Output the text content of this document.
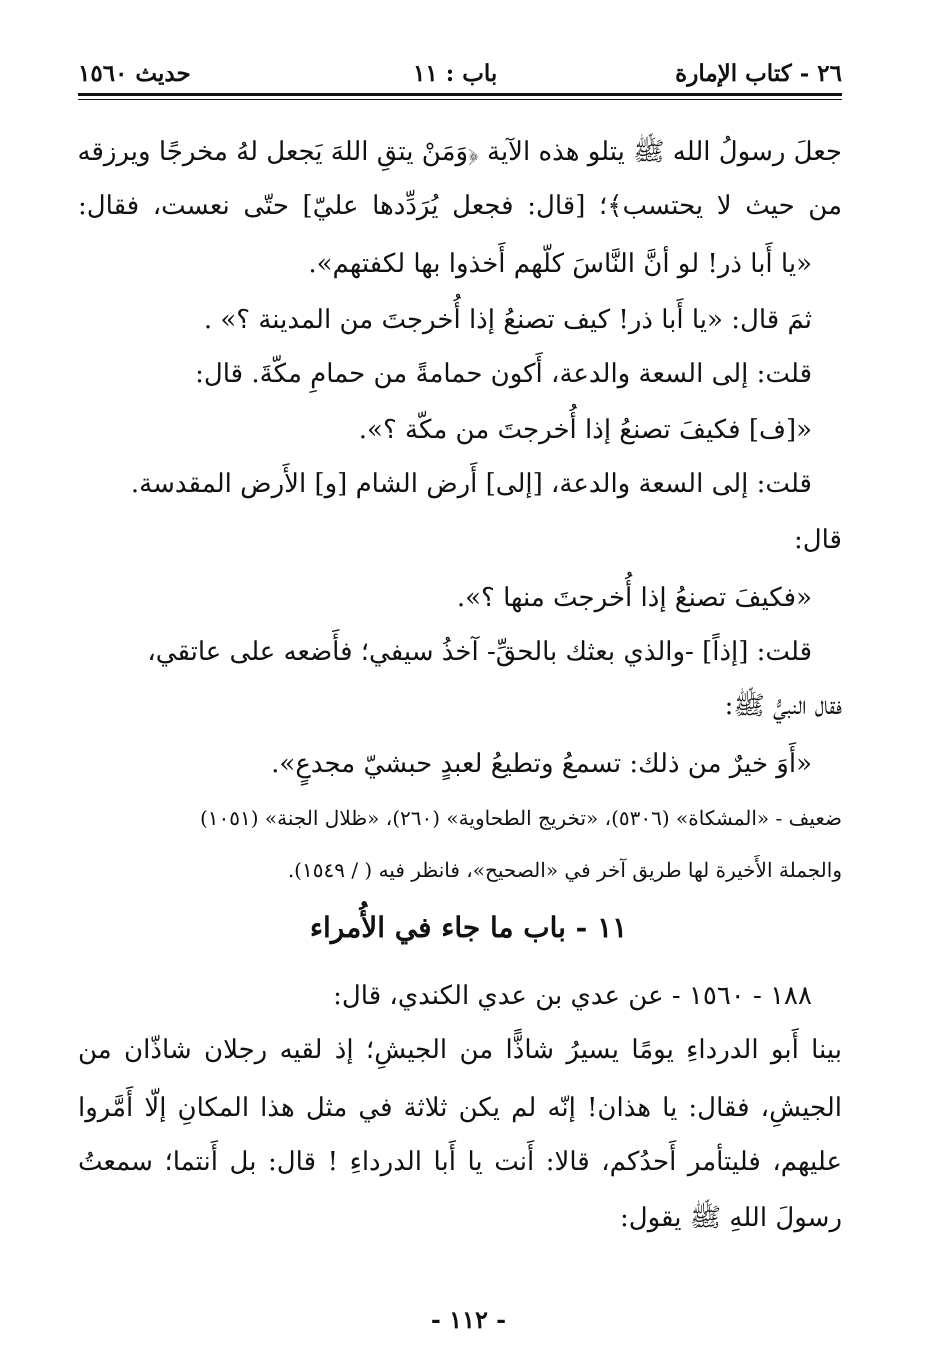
٢٦ - كتاب الإمارة
باب : ١١
حديث ١٥٦٠
جعلَ رسولُ الله ﷺ يتلو هذه الآية ﴿وَمَنْ يتقِ اللهَ يَجعل لهُ مخرجًا ويرزقه
من حيث لا يحتسب﴾؛ [قال: فجعل يُرَدِّدها عليّ] حتّى نعست، فقال:
«يا أَبا ذر! لو أنَّ النَّاسَ كلّهم أَخذوا بها لكفتهم».
ثمَ قال: «يا أَبا ذر! كيف تصنعُ إذا أُخرجتَ من المدينة ؟» .
قلت: إلى السعة والدعة، أَكون حمامةً من حمامِ مكّةَ. قال:
«[ف] فكيفَ تصنعُ إذا أُخرجتَ من مكّة ؟».
قلت: إلى السعة والدعة، [إلى] أَرض الشام [و] الأَرض المقدسة.
قال:
«فكيفَ تصنعُ إذا أُخرجتَ منها ؟».
قلت: [إذاً] -والذي بعثك بالحقِّ- آخذُ سيفي؛ فأَضعه على عاتقي،
فقال النبيُّ ﷺ:
«أَوَ خيرٌ من ذلك: تسمعُ وتطيعُ لعبدٍ حبشيّ مجدعٍ».
ضعيف - «المشكاة» (٥٣٠٦)، «تخريج الطحاوية» (٢٦٠)، «ظلال الجنة» (١٠٥١)
والجملة الأَخيرة لها طريق آخر في «الصحيح»، فانظر فيه ( / ١٥٤٩).
١١ - باب ما جاء في الأُمراء
١٨٨ - ١٥٦٠ - عن عدي بن عدي الكندي، قال:
بينا أَبو الدرداءِ يومًا يسيرُ شاذًّا من الجيشِ؛ إذ لقيه رجلان شاذّان من
الجيشِ، فقال: يا هذان! إنّه لم يكن ثلاثة في مثل هذا المكانِ إلّا أَمَّروا
عليهم، فليتأمر أَحدُكم، قالا: أَنت يا أَبا الدرداءِ ! قال: بل أَنتما؛ سمعتُ
رسولَ اللهِ ﷺ يقول:
- ١١٢ -
